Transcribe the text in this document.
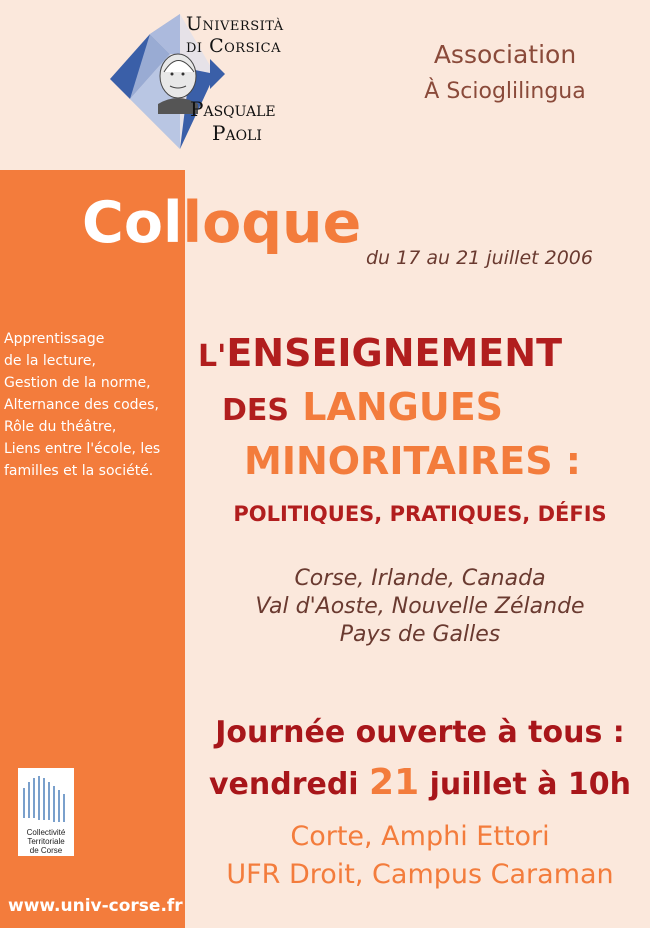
Università
di Corsica
Pasquale
Paoli
Association
À Scioglilingua
Colloque
du 17 au 21 juillet 2006
Apprentissage
de la lecture,
Gestion de la norme,
Alternance des codes,
Rôle du théâtre,
Liens entre l'école, les
familles et la société.
L'ENSEIGNEMENT
DES LANGUES
MINORITAIRES :
POLITIQUES, PRATIQUES, DÉFIS
Corse, Irlande, Canada
Val d'Aoste, Nouvelle Zélande
Pays de Galles
Journée ouverte à tous :
vendredi 21 juillet à 10h
Corte, Amphi Ettori
UFR Droit, Campus Caraman
Collectivité
Territoriale
de Corse
www.univ-corse.fr
